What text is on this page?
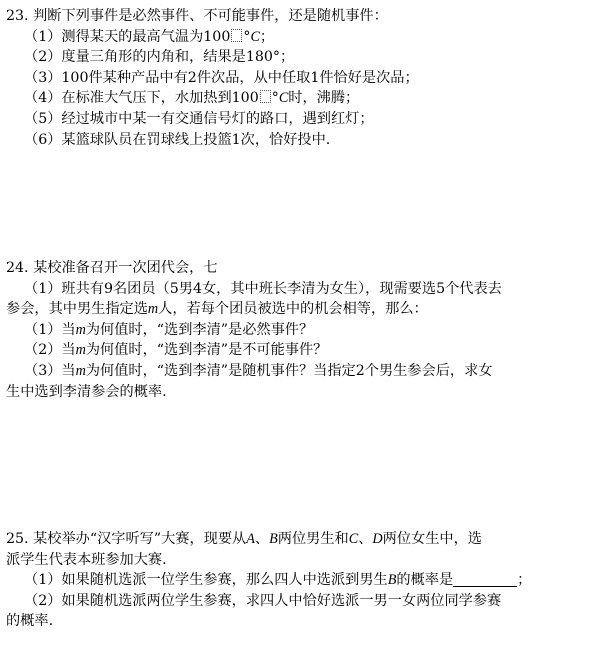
23. 判断下列事件是必然事件、不可能事件，还是随机事件：
（1）测得某天的最高气温为100 °C；
（2）度量三角形的内角和，结果是180°；
（3）100件某种产品中有2件次品，从中任取1件恰好是次品；
（4）在标准大气压下，水加热到100 °C时，沸腾；
（5）经过城市中某一有交通信号灯的路口，遇到红灯；
（6）某篮球队员在罚球线上投篮1次，恰好投中.
24. 某校准备召开一次团代会，七
（1）班共有9名团员（5男4女，其中班长李清为女生），现需要选5个代表去
参会，其中男生指定选m人，若每个团员被选中的机会相等，那么：
（1）当m为何值时，“选到李清”是必然事件？
（2）当m为何值时，“选到李清”是不可能事件？
（3）当m为何值时，“选到李清”是随机事件？当指定2个男生参会后，求女
生中选到李清参会的概率.
25. 某校举办“汉字听写”大赛，现要从A、B两位男生和C、D两位女生中，选
派学生代表本班参加大赛.
（1）如果随机选派一位学生参赛，那么四人中选派到男生B的概率是	；
（2）如果随机选派两位学生参赛，求四人中恰好选派一男一女两位同学参赛
的概率.
